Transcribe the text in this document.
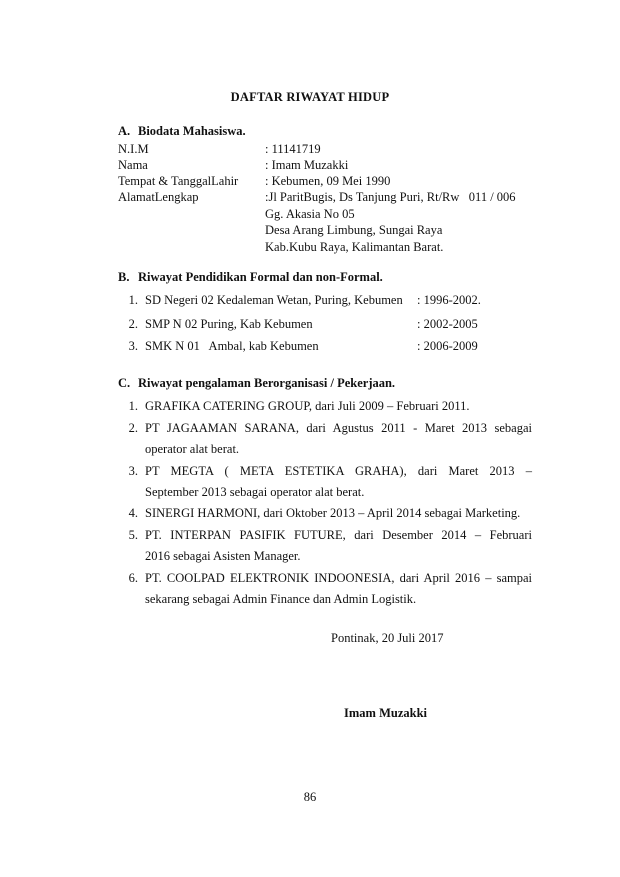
DAFTAR RIWAYAT HIDUP
A. Biodata Mahasiswa.
N.I.M	: 11141719
Nama	: Imam Muzakki
Tempat & TanggalLahir : Kebumen, 09 Mei 1990
AlamatLengkap	:Jl ParitBugis, Ds Tanjung Puri, Rt/Rw   011 / 006
Gg. Akasia No 05
Desa Arang Limbung, Sungai Raya
Kab.Kubu Raya, Kalimantan Barat.
B. Riwayat Pendidikan Formal dan non-Formal.
1. SD Negeri 02 Kedaleman Wetan, Puring, Kebumen : 1996-2002.
2. SMP N 02 Puring, Kab Kebumen	: 2002-2005
3. SMK N 01   Ambal, kab Kebumen	: 2006-2009
C. Riwayat pengalaman Berorganisasi / Pekerjaan.
1. GRAFIKA CATERING GROUP, dari Juli 2009 – Februari 2011.
2. PT JAGAAMAN SARANA, dari Agustus 2011 - Maret 2013 sebagai
operator alat berat.
3. PT MEGTA ( META ESTETIKA GRAHA), dari Maret 2013 –
September 2013 sebagai operator alat berat.
4. SINERGI HARMONI, dari Oktober 2013 – April 2014 sebagai Marketing.
5. PT. INTERPAN PASIFIK FUTURE, dari Desember 2014 – Februari
2016 sebagai Asisten Manager.
6. PT. COOLPAD ELEKTRONIK INDOONESIA, dari April 2016 – sampai
sekarang sebagai Admin Finance dan Admin Logistik.
Pontinak, 20 Juli 2017
Imam Muzakki
86
